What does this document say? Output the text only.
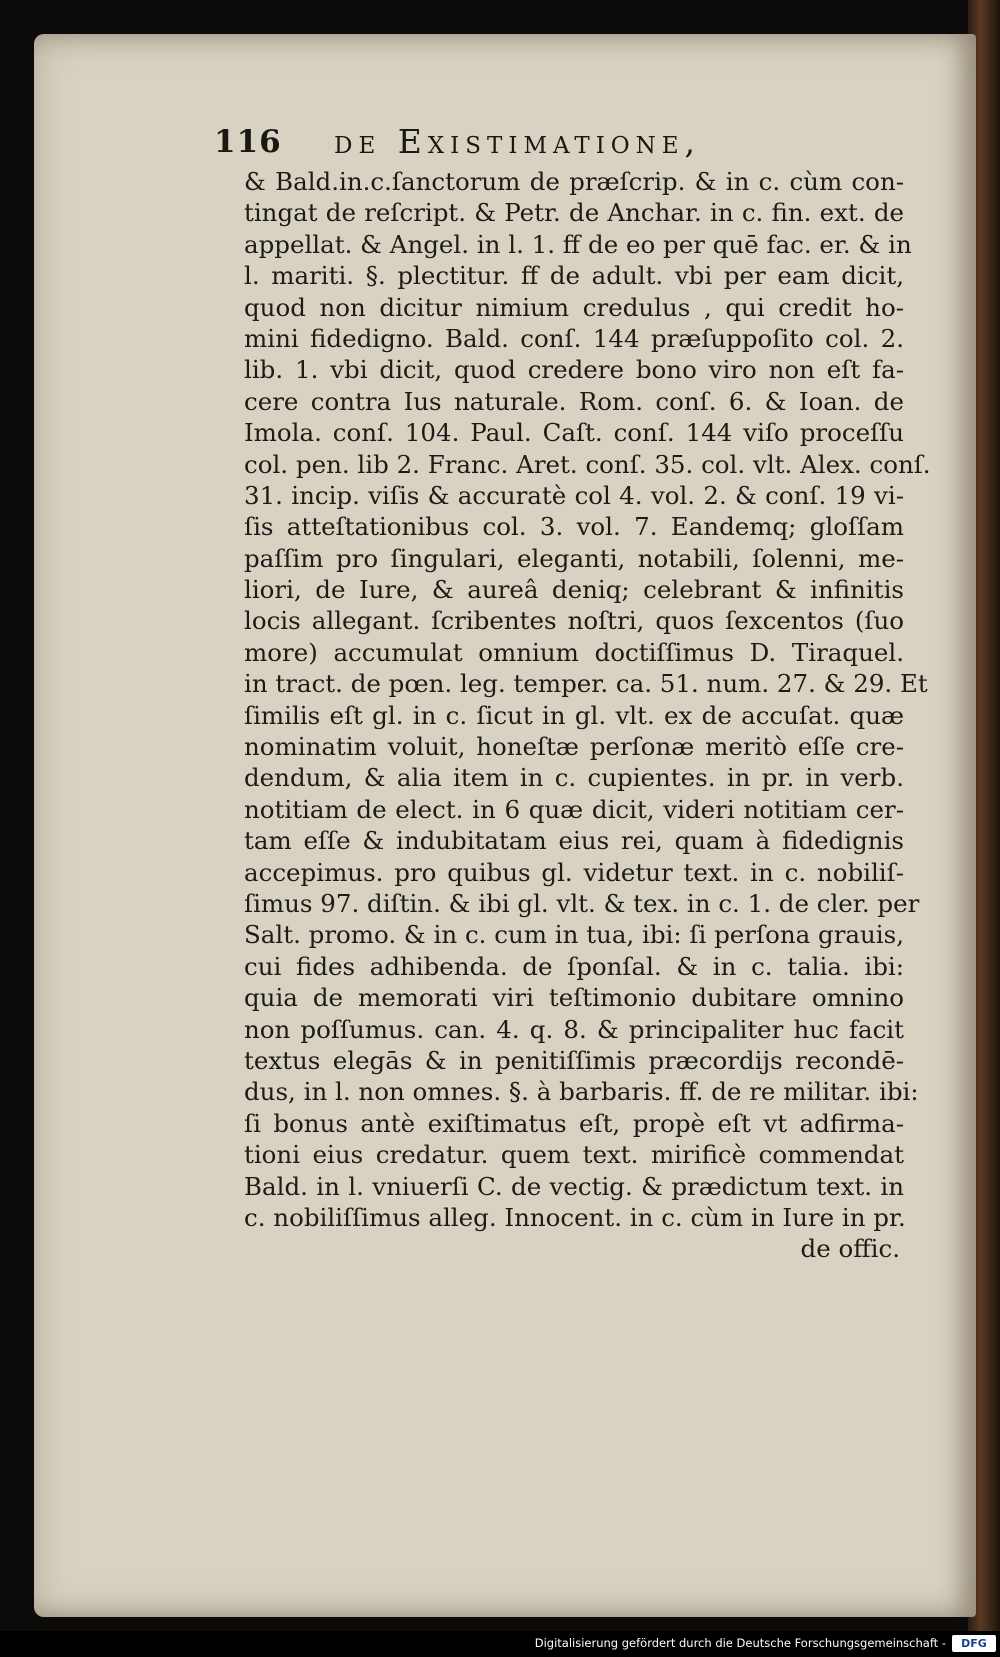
116 de Existimatione,
& Bald.in.c.ſanctorum de præſcrip. & in c. cùm con-
tingat de reſcript. & Petr. de Anchar. in c. fin. ext. de
appellat. & Angel. in l. 1. ff de eo per quē fac. er. & in
l. mariti. §. plectitur. ff de adult. vbi per eam dicit,
quod non dicitur nimium credulus , qui credit ho-
mini fidedigno. Bald. conſ. 144 præſuppoſito col. 2.
lib. 1. vbi dicit, quod credere bono viro non eſt fa-
cere contra Ius naturale. Rom. conſ. 6. & Ioan. de
Imola. conſ. 104. Paul. Caſt. conſ. 144 viſo proceſſu
col. pen. lib 2. Franc. Aret. conſ. 35. col. vlt. Alex. conſ.
31. incip. viſis & accuratè col 4. vol. 2. & conſ. 19 vi-
ſis atteſtationibus col. 3. vol. 7. Eandemq; gloſſam
paſſim pro ſingulari, eleganti, notabili, ſolenni, me-
liori, de Iure, & aureâ deniq; celebrant & infinitis
locis allegant. ſcribentes noſtri, quos ſexcentos (ſuo
more) accumulat omnium doctiſſimus D. Tiraquel.
in tract. de pœn. leg. temper. ca. 51. num. 27. & 29. Et
ſimilis eſt gl. in c. ſicut in gl. vlt. ex de accuſat. quæ
nominatim voluit, honeſtæ perſonæ meritò eſſe cre-
dendum, & alia item in c. cupientes. in pr. in verb.
notitiam de elect. in 6 quæ dicit, videri notitiam cer-
tam eſſe & indubitatam eius rei, quam à fidedignis
accepimus. pro quibus gl. videtur text. in c. nobiliſ-
ſimus 97. diſtin. & ibi gl. vlt. & tex. in c. 1. de cler. per
Salt. promo. & in c. cum in tua, ibi: ſi perſona grauis,
cui fides adhibenda. de ſponſal. & in c. talia. ibi:
quia de memorati viri teſtimonio dubitare omnino
non poſſumus. can. 4. q. 8. & principaliter huc facit
textus elegās & in penitiſſimis præcordijs recondē-
dus, in l. non omnes. §. à barbaris. ff. de re militar. ibi:
ſi bonus antè exiſtimatus eſt, propè eſt vt adfirma-
tioni eius credatur. quem text. mirificè commendat
Bald. in l. vniuerſi C. de vectig. & prædictum text. in
c. nobiliſſimus alleg. Innocent. in c. cùm in Iure in pr.
de offic.
Digitalisierung gefördert durch die Deutsche Forschungsgemeinschaft -	DFG
